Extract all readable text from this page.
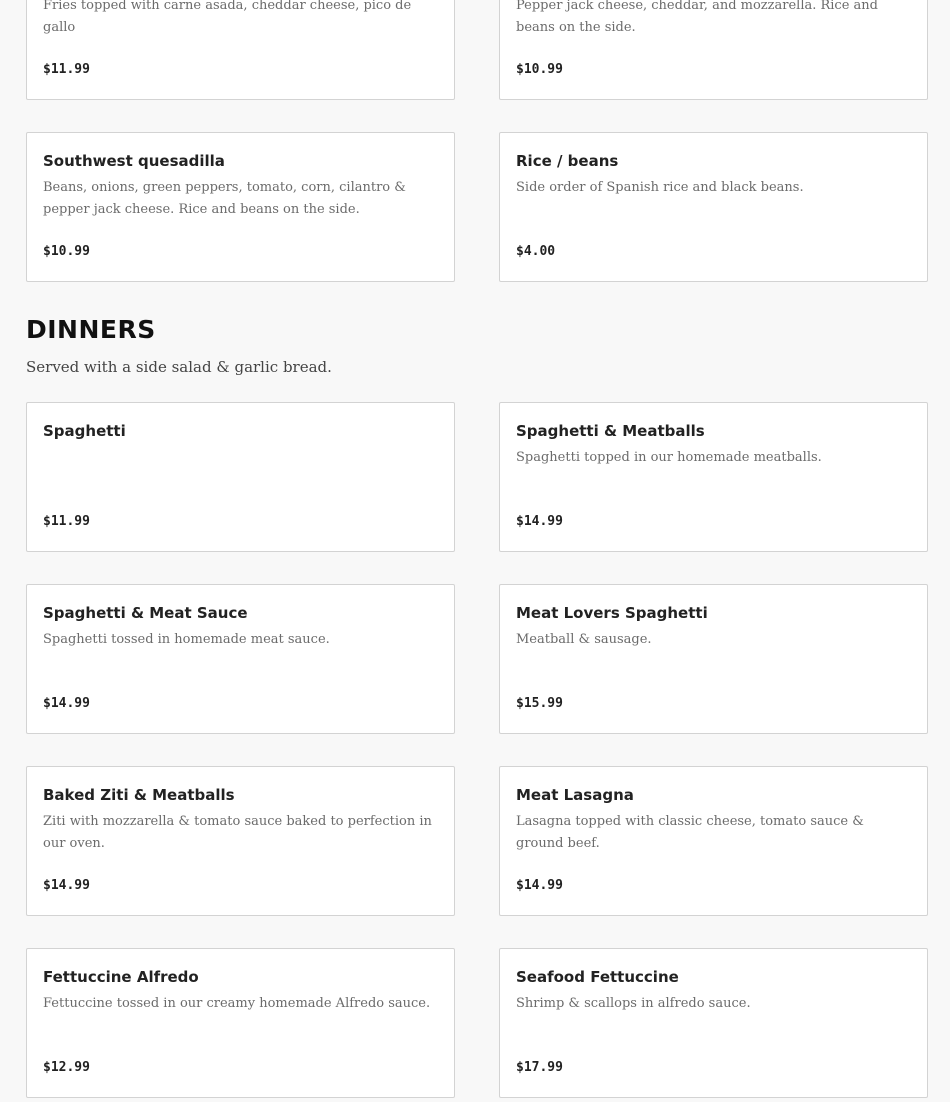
Fries topped with carne asada, cheddar cheese, pico de gallo
$11.99
Pepper jack cheese, cheddar, and mozzarella. Rice and beans on the side.
$10.99
Southwest quesadilla
Beans, onions, green peppers, tomato, corn, cilantro & pepper jack cheese. Rice and beans on the side.
$10.99
Rice / beans
Side order of Spanish rice and black beans.
$4.00
DINNERS

Served with a side salad & garlic bread.

Spaghetti
$11.99
Spaghetti & Meatballs
Spaghetti topped in our homemade meatballs.
$14.99
Spaghetti & Meat Sauce
Spaghetti tossed in homemade meat sauce.
$14.99
Meat Lovers Spaghetti
Meatball & sausage.
$15.99
Baked Ziti & Meatballs
Ziti with mozzarella & tomato sauce baked to perfection in our oven.
$14.99
Meat Lasagna
Lasagna topped with classic cheese, tomato sauce & ground beef.
$14.99
Fettuccine Alfredo
Fettuccine tossed in our creamy homemade Alfredo sauce.
$12.99
Seafood Fettuccine
Shrimp & scallops in alfredo sauce.
$17.99
